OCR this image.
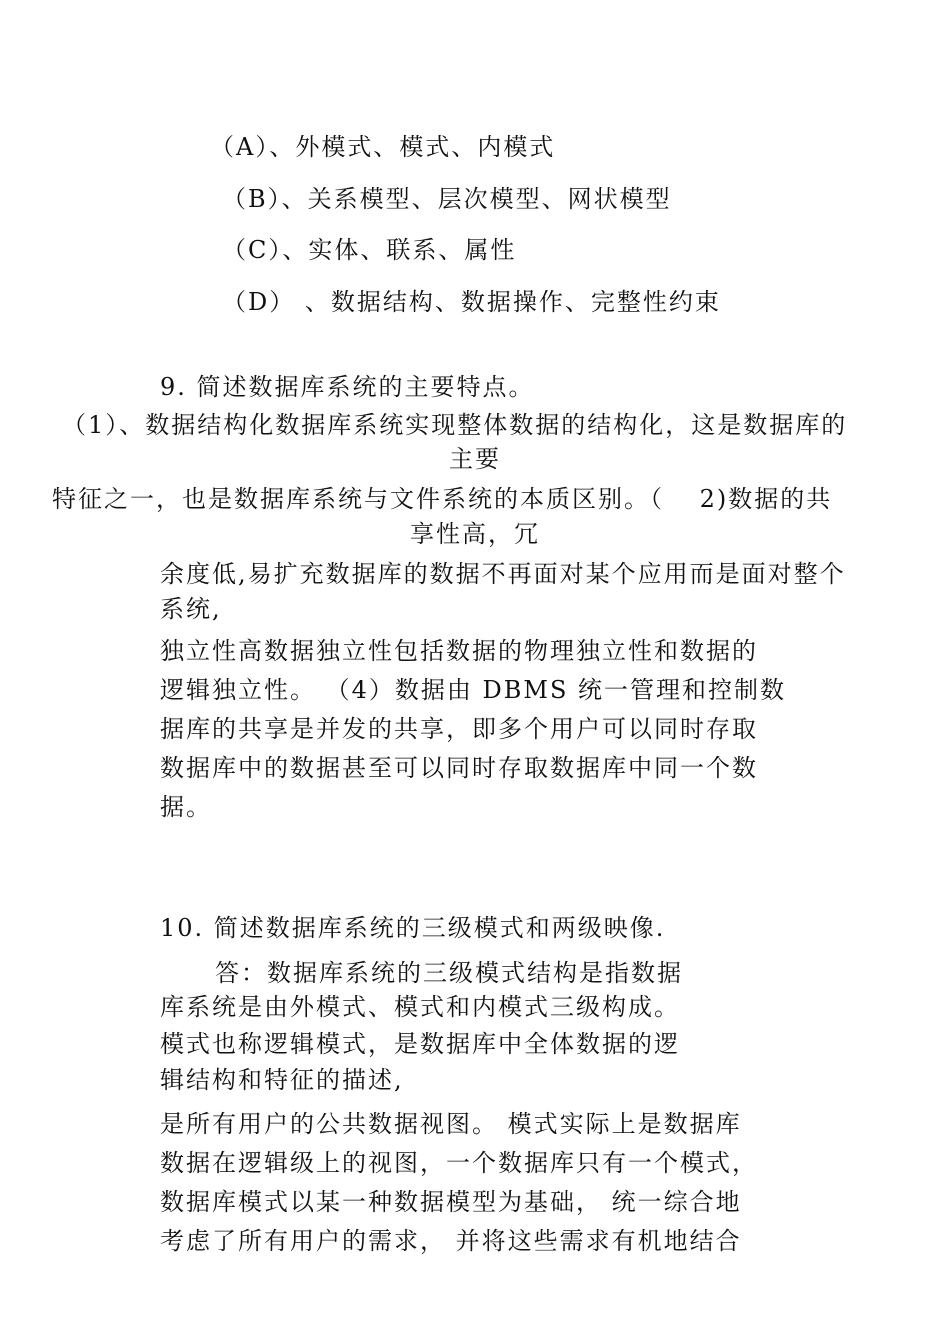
（A）、外模式、模式、内模式

（B）、关系模型、层次模型、网状模型

（C）、实体、联系、属性

（D） 、数据结构、数据操作、完整性约束

9. 简述数据库系统的主要特点。

（1）、数据结构化数据库系统实现整体数据的结构化，这是数据库的

主要

特征之一，也是数据库系统与文件系统的本质区别。（　 2)数据的共

享性高，冗

余度低,易扩充数据库的数据不再面对某个应用而是面对整个

系统,

独立性高数据独立性包括数据的物理独立性和数据的

逻辑独立性。 （4）数据由 DBMS 统一管理和控制数

据库的共享是并发的共享，即多个用户可以同时存取

数据库中的数据甚至可以同时存取数据库中同一个数

据。

10. 简述数据库系统的三级模式和两级映像.

答：数据库系统的三级模式结构是指数据

库系统是由外模式、模式和内模式三级构成。

模式也称逻辑模式，是数据库中全体数据的逻

辑结构和特征的描述,

是所有用户的公共数据视图。 模式实际上是数据库

数据在逻辑级上的视图，一个数据库只有一个模式，

数据库模式以某一种数据模型为基础， 统一综合地

考虑了所有用户的需求， 并将这些需求有机地结合
